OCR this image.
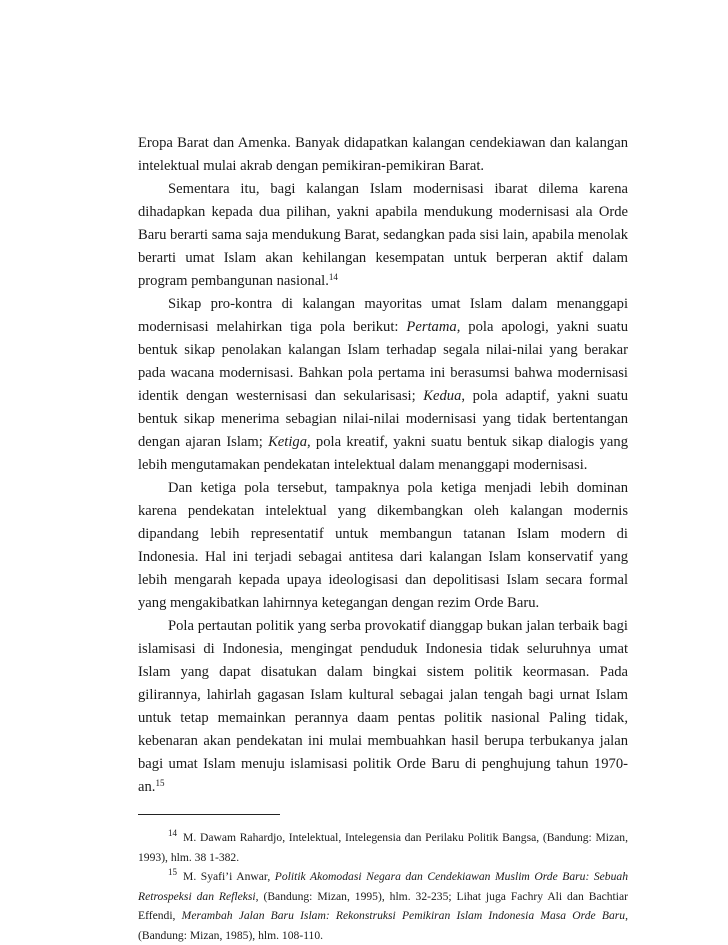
Eropa Barat dan Amenka. Banyak didapatkan kalangan cendekiawan dan kalangan intelektual mulai akrab dengan pemikiran-pemikiran Barat.

Sementara itu, bagi kalangan Islam modernisasi ibarat dilema karena dihadapkan kepada dua pilihan, yakni apabila mendukung modernisasi ala Orde Baru berarti sama saja mendukung Barat, sedangkan pada sisi lain, apabila menolak berarti umat Islam akan kehilangan kesempatan untuk berperan aktif dalam program pembangunan nasional.$^{14}$

Sikap pro-kontra di kalangan mayoritas umat Islam dalam menanggapi modernisasi melahirkan tiga pola berikut: Pertama, pola apologi, yakni suatu bentuk sikap penolakan kalangan Islam terhadap segala nilai-nilai yang berakar pada wacana modernisasi. Bahkan pola pertama ini berasumsi bahwa modernisasi identik dengan westernisasi dan sekularisasi; Kedua, pola adaptif, yakni suatu bentuk sikap menerima sebagian nilai-nilai modernisasi yang tidak bertentangan dengan ajaran Islam; Ketiga, pola kreatif, yakni suatu bentuk sikap dialogis yang lebih mengutamakan pendekatan intelektual dalam menanggapi modernisasi.

Dan ketiga pola tersebut, tampaknya pola ketiga menjadi lebih dominan karena pendekatan intelektual yang dikembangkan oleh kalangan modernis dipandang lebih representatif untuk membangun tatanan Islam modern di Indonesia. Hal ini terjadi sebagai antitesa dari kalangan Islam konservatif yang lebih mengarah kepada upaya ideologisasi dan depolitisasi Islam secara formal yang mengakibatkan lahirnnya ketegangan dengan rezim Orde Baru.

Pola pertautan politik yang serba provokatif dianggap bukan jalan terbaik bagi islamisasi di Indonesia, mengingat penduduk Indonesia tidak seluruhnya umat Islam yang dapat disatukan dalam bingkai sistem politik keormasan. Pada gilirannya, lahirlah gagasan Islam kultural sebagai jalan tengah bagi urnat Islam untuk tetap memainkan perannya daam pentas politik nasional Paling tidak, kebenaran akan pendekatan ini mulai membuahkan hasil berupa terbukanya jalan bagi umat Islam menuju islamisasi politik Orde Baru di penghujung tahun 1970-an.$^{15}$

$^{14}$ M. Dawam Rahardjo, Intelektual, Intelegensia dan Perilaku Politik Bangsa, (Bandung: Mizan, 1993), hlm. 38 1-382.

$^{15}$ M. Syafi’i Anwar, Politik Akomodasi Negara dan Cendekiawan Muslim Orde Baru: Sebuah Retrospeksi dan Refleksi, (Bandung: Mizan, 1995), hlm. 32-235; Lihat juga Fachry Ali dan Bachtiar Effendi, Merambah Jalan Baru Islam: Rekonstruksi Pemikiran Islam Indonesia Masa Orde Baru, (Bandung: Mizan, 1985), hlm. 108-110.
